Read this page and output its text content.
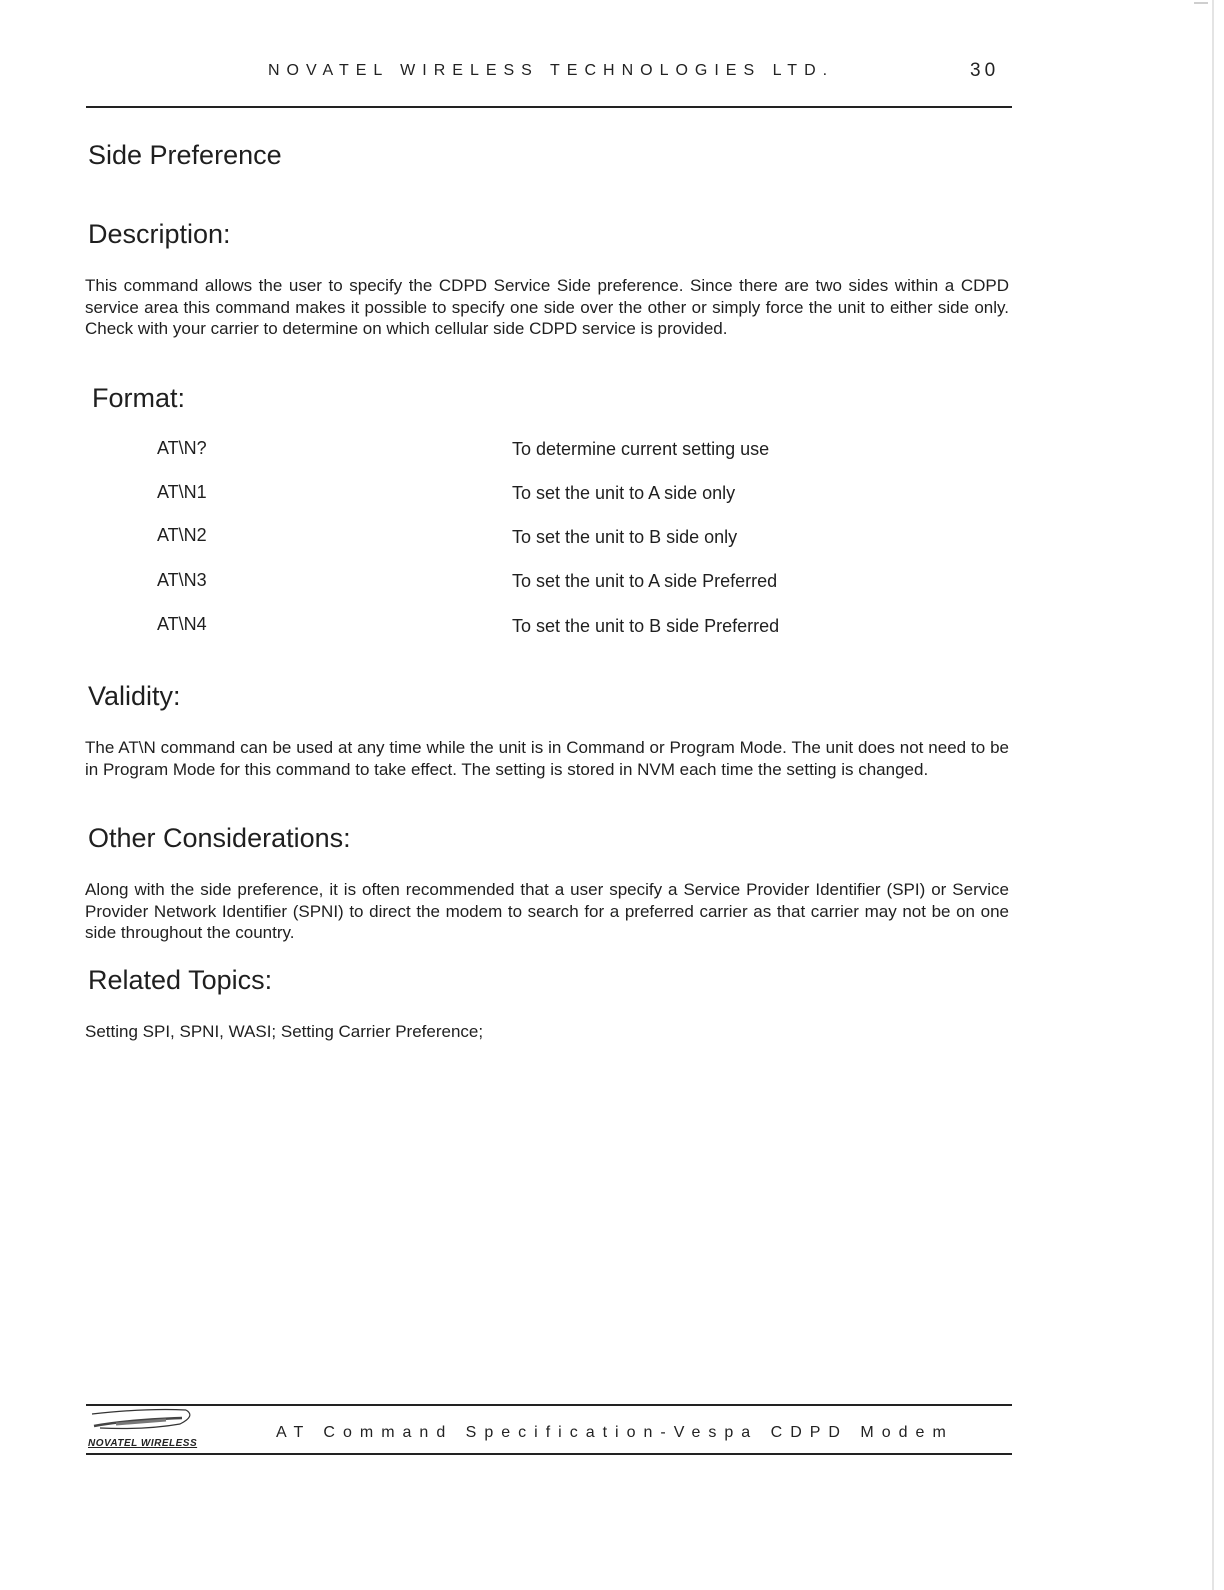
NOVATEL WIRELESS TECHNOLOGIES LTD.	30
Side Preference
Description:

This command allows the user to specify the CDPD Service Side preference. Since there are two sides within a CDPD service area this command makes it possible to specify one side over the other or simply force the unit to either side only. Check with your carrier to determine on which cellular side CDPD service is provided.

Format:
AT\N?	To determine current setting use
AT\N1	To set the unit to A side only
AT\N2	To set the unit to B side only
AT\N3	To set the unit to A side Preferred
AT\N4	To set the unit to B side Preferred
Validity:

The AT\N command can be used at any time while the unit is in Command or Program Mode. The unit does not need to be in Program Mode for this command to take effect. The setting is stored in NVM each time the setting is changed.

Other Considerations:

Along with the side preference, it is often recommended that a user specify a Service Provider Identifier (SPI) or Service Provider Network Identifier (SPNI) to direct the modem to search for a preferred carrier as that carrier may not be on one side throughout the country.

Related Topics:

Setting SPI, SPNI, WASI; Setting Carrier Preference;

NOVATEL WIRELESS
AT Command Specification-Vespa CDPD Modem
